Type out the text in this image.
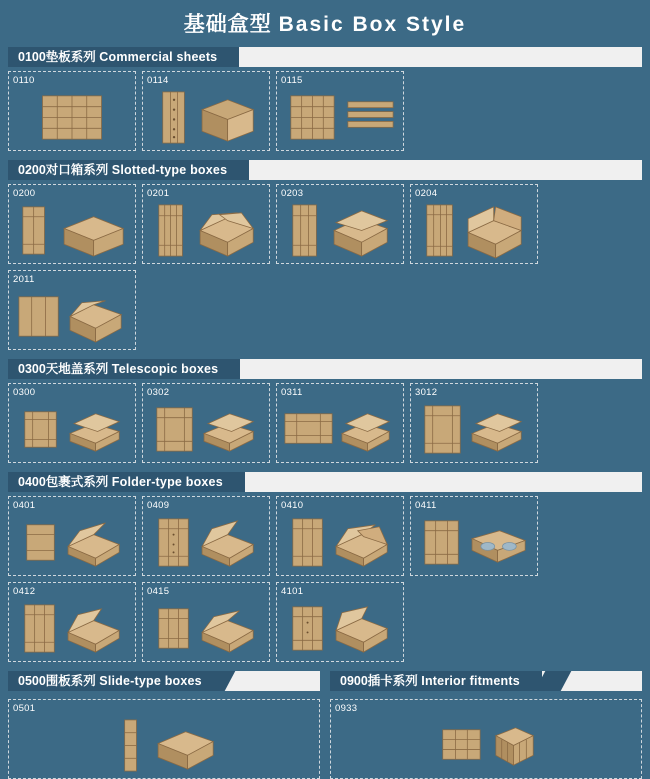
基础盒型 Basic Box Style
0100垫板系列 Commercial sheets
0110	0114	0115
0200对口箱系列 Slotted-type boxes
0200	0201	0203	0204
2011
0300天地盖系列 Telescopic boxes
0300	0302	0311	3012
0400包裹式系列 Folder-type boxes
0401	0409	0410	0411
0412	0415	4101
0500围板系列 Slide-type boxes	0900插卡系列 Interior fitments
0501	0933
